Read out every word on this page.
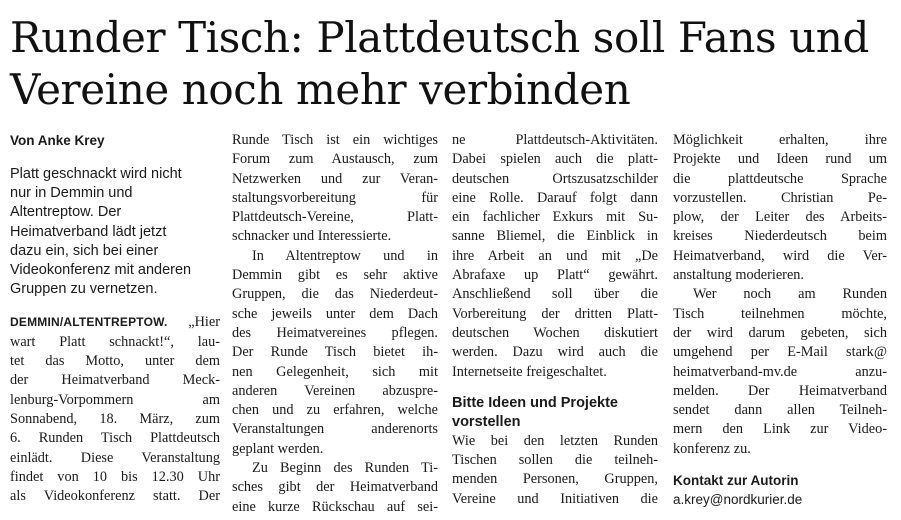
Runder Tisch: Plattdeutsch soll Fans und
Vereine noch mehr verbinden
Von Anke Krey
Platt geschnackt wird nicht
nur in Demmin und
Altentreptow. Der
Heimatverband lädt jetzt
dazu ein, sich bei einer
Videokonferenz mit anderen
Gruppen zu vernetzen.
DEMMIN/ALTENTREPTOW. „Hier
wart Platt schnackt!“, lau-
tet das Motto, unter dem
der Heimatverband Meck-
lenburg-Vorpommern am
Sonnabend, 18. März, zum
6. Runden Tisch Plattdeutsch
einlädt. Diese Veranstaltung
findet von 10 bis 12.30 Uhr
als Videokonferenz statt. Der
Runde Tisch ist ein wichtiges
Forum zum Austausch, zum
Netzwerken und zur Veran-
staltungsvorbereitung für
Plattdeutsch-Vereine, Platt-
schnacker und Interessierte.
In Altentreptow und in
Demmin gibt es sehr aktive
Gruppen, die das Niederdeut-
sche jeweils unter dem Dach
des Heimatvereines pflegen.
Der Runde Tisch bietet ih-
nen Gelegenheit, sich mit
anderen Vereinen abzuspre-
chen und zu erfahren, welche
Veranstaltungen anderenorts
geplant werden.
Zu Beginn des Runden Ti-
sches gibt der Heimatverband
eine kurze Rückschau auf sei-
ne Plattdeutsch-Aktivitäten.
Dabei spielen auch die platt-
deutschen Ortszusatzschilder
eine Rolle. Darauf folgt dann
ein fachlicher Exkurs mit Su-
sanne Bliemel, die Einblick in
ihre Arbeit an und mit „De
Abrafaxe up Platt“ gewährt.
Anschließend soll über die
Vorbereitung der dritten Platt-
deutschen Wochen diskutiert
werden. Dazu wird auch die
Internetseite freigeschaltet.
Bitte Ideen und Projekte
vorstellen
Wie bei den letzten Runden
Tischen sollen die teilneh-
menden Personen, Gruppen,
Vereine und Initiativen die
Möglichkeit erhalten, ihre
Projekte und Ideen rund um
die plattdeutsche Sprache
vorzustellen. Christian Pe-
plow, der Leiter des Arbeits-
kreises Niederdeutsch beim
Heimatverband, wird die Ver-
anstaltung moderieren.
Wer noch am Runden
Tisch teilnehmen möchte,
der wird darum gebeten, sich
umgehend per E-Mail stark@
heimatverband-mv.de anzu-
melden. Der Heimatverband
sendet dann allen Teilneh-
mern den Link zur Video-
konferenz zu.
Kontakt zur Autorin
a.krey@nordkurier.de
